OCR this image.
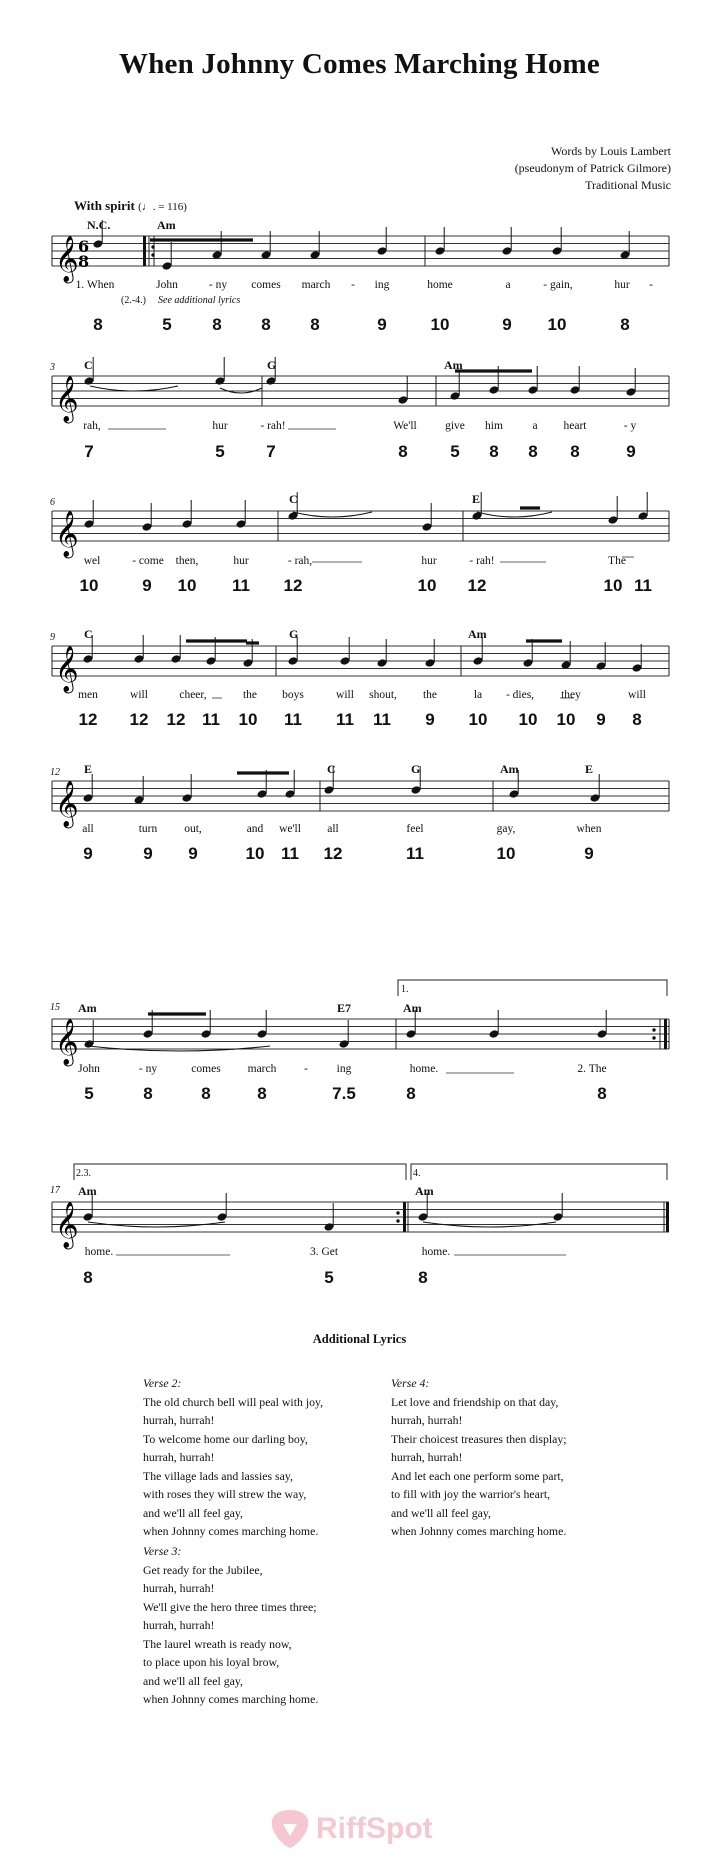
When Johnny Comes Marching Home
Words by Louis Lambert
(pseudonym of Patrick Gilmore)
Traditional Music
With spirit (♩. = 116)
𝄞
𝄞
𝄞
𝄞
𝄞
𝄞
𝄞
6
8
3
6
9
12
15
17
N.C.	Am
1. When	John	- ny comes march - ing	home	a	- gain,	hur -
(2.-4.) See additional lyrics
8	5 8 8 8	9	10	9 10	8
C	G	Am
rah,	hur	- rah!	We'll give him	a heart	- y
7	5 7	8	5 8 8 8	9
C	E
wel	- come then,	hur	- rah,	hur	- rah!	The
10	9 10 11 12	10 12	10 11
C	G	Am
men	will	cheer,	the boys	will shout, the	la - dies, they	will
12 12 12 11 10 11 11 11 9 10 10 10 9 8
E	C	G	Am	E
all	turn out,	and we'll all	feel	gay,	when
9	9 9	10 11 12	11	10	9
Am	E7	Am
1.
John	- ny	comes march - ing	home.	2. The
5	8	8	8	7.5	8	8
Am	Am
2.3.	4.
home.	3. Get	home.
8	5	8
Additional Lyrics
Verse 2:
The old church bell will peal with joy,
hurrah, hurrah!
To welcome home our darling boy,
hurrah, hurrah!
The village lads and lassies say,
with roses they will strew the way,
and we'll all feel gay,
when Johnny comes marching home.
Verse 3:
Get ready for the Jubilee,
hurrah, hurrah!
We'll give the hero three times three;
hurrah, hurrah!
The laurel wreath is ready now,
to place upon his loyal brow,
and we'll all feel gay,
when Johnny comes marching home.
Verse 4:
Let love and friendship on that day,
hurrah, hurrah!
Their choicest treasures then display;
hurrah, hurrah!
And let each one perform some part,
to fill with joy the warrior's heart,
and we'll all feel gay,
when Johnny comes marching home.
RiffSpot
